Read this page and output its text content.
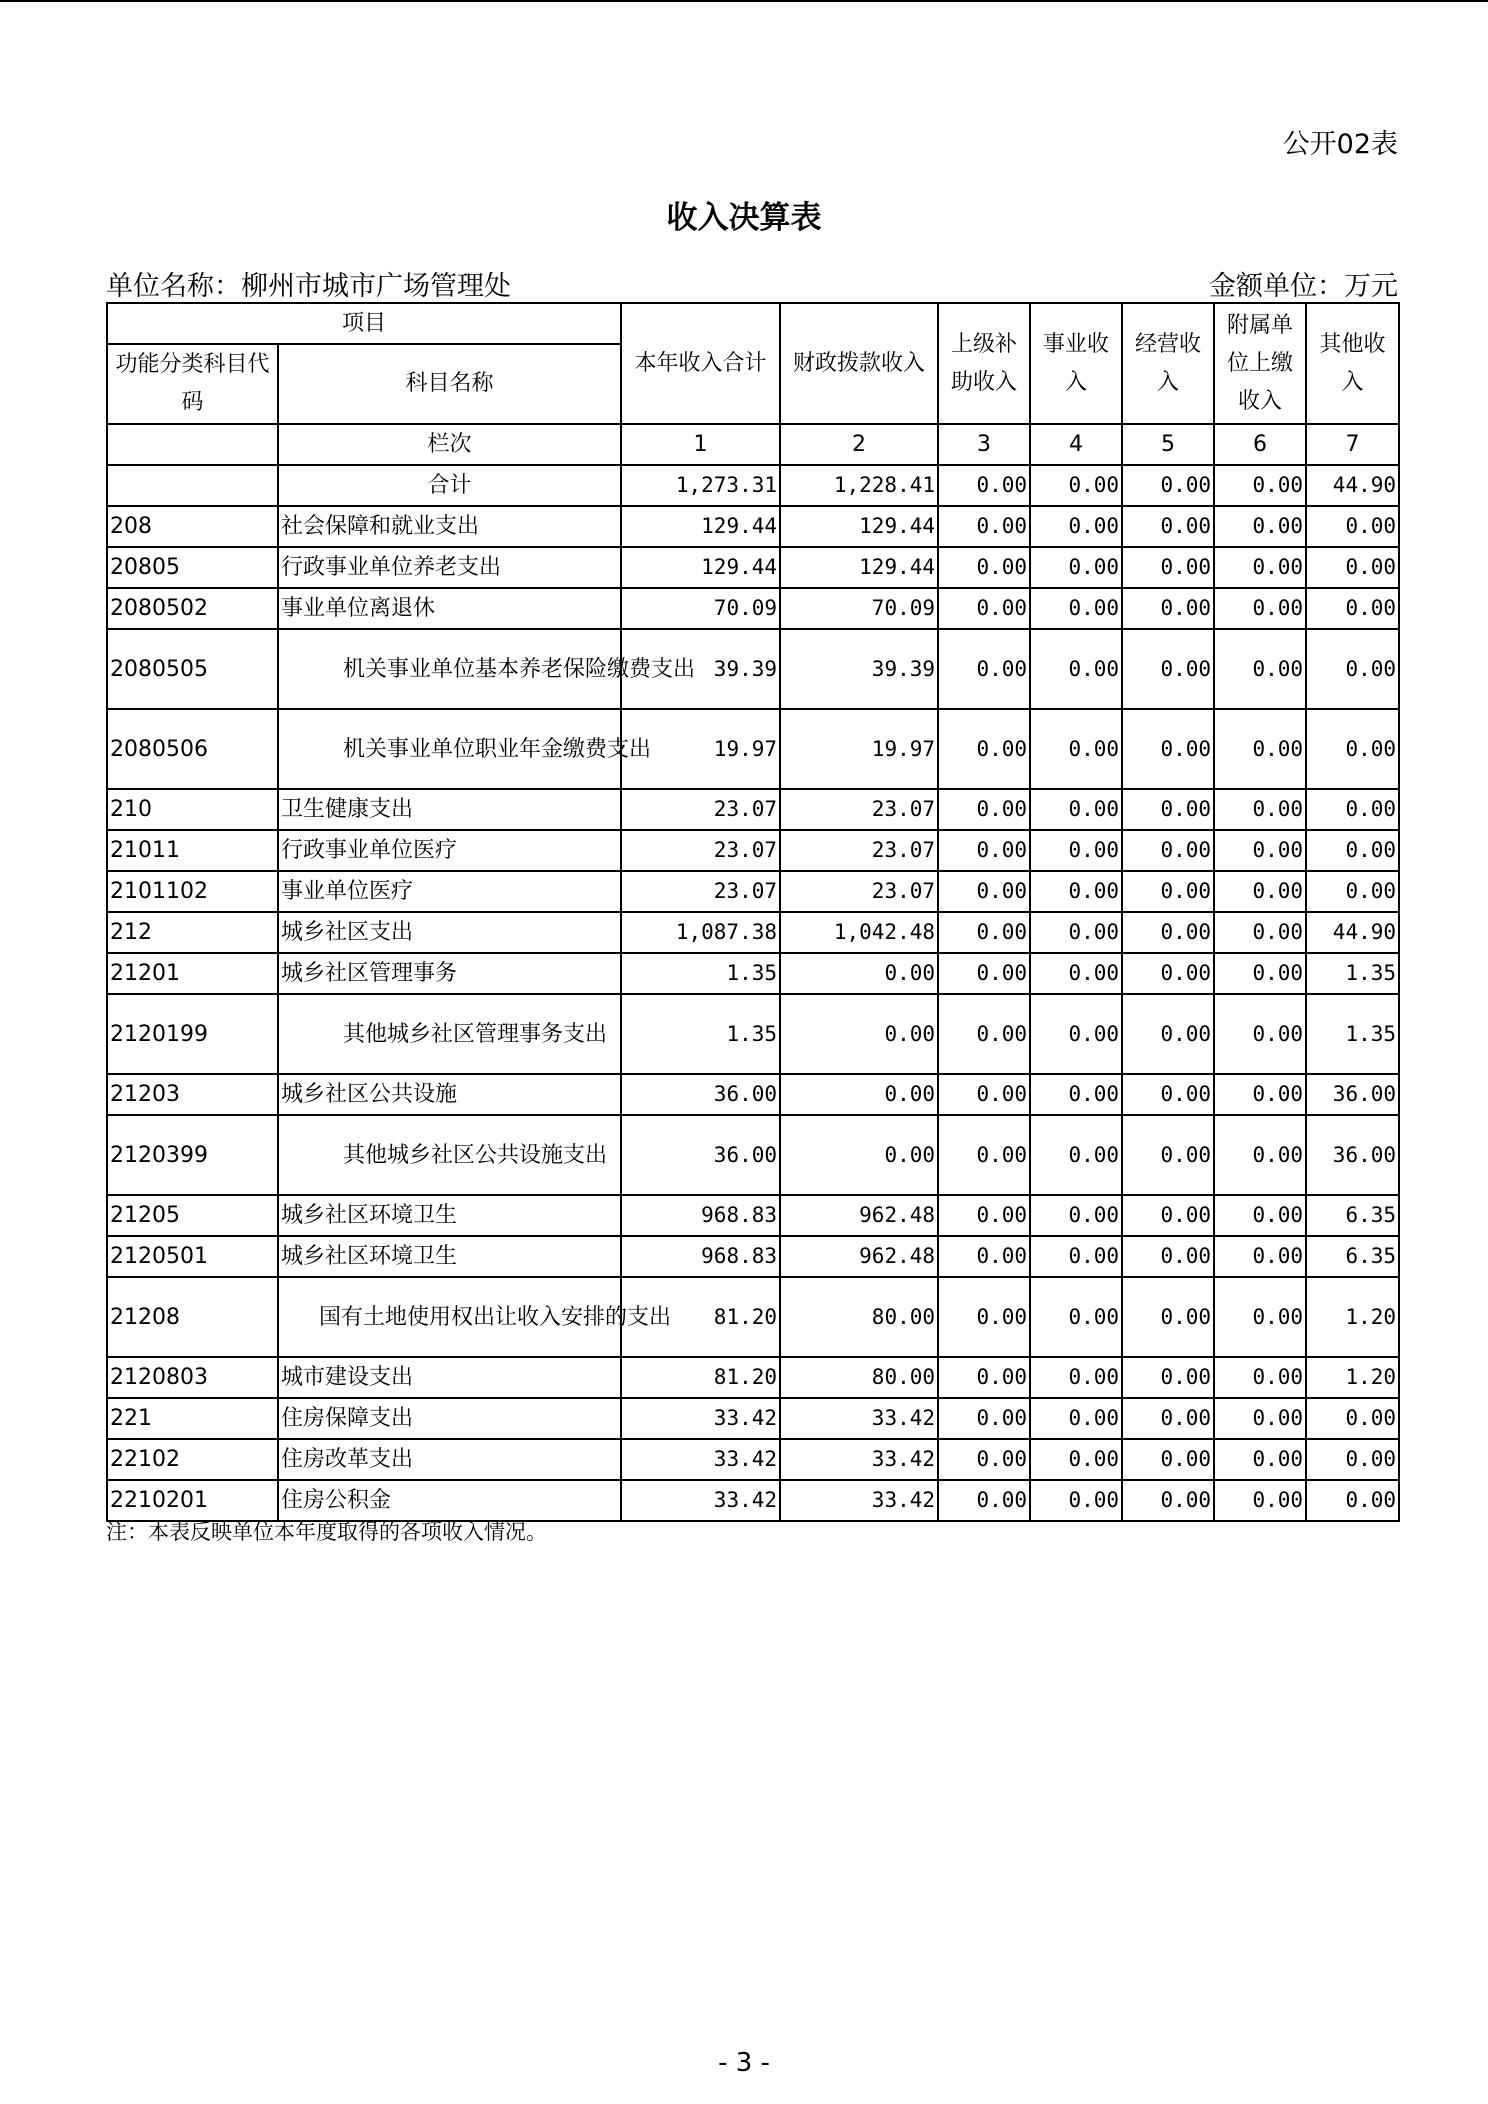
公开02表
收入决算表
单位名称：柳州市城市广场管理处	金额单位：万元
项目		本年收入合计	财政拨款收入	上级补助收入	事业收入	经营收入	附属单位上缴收入	其他收入
功能分类科目代码	科目名称							
	栏次	1	2	3	4	5	6	7
	合计	1,273.31	1,228.41	0.00	0.00	0.00	0.00	44.90
208	社会保障和就业支出	129.44	129.44	0.00	0.00	0.00	0.00	0.00
20805	行政事业单位养老支出	129.44	129.44	0.00	0.00	0.00	0.00	0.00
2080502	事业单位离退休	70.09	70.09	0.00	0.00	0.00	0.00	0.00
2080505	机关事业单位基本养老保险缴费支出	39.39	39.39	0.00	0.00	0.00	0.00	0.00
2080506	机关事业单位职业年金缴费支出	19.97	19.97	0.00	0.00	0.00	0.00	0.00
210	卫生健康支出	23.07	23.07	0.00	0.00	0.00	0.00	0.00
21011	行政事业单位医疗	23.07	23.07	0.00	0.00	0.00	0.00	0.00
2101102	事业单位医疗	23.07	23.07	0.00	0.00	0.00	0.00	0.00
212	城乡社区支出	1,087.38	1,042.48	0.00	0.00	0.00	0.00	44.90
21201	城乡社区管理事务	1.35	0.00	0.00	0.00	0.00	0.00	1.35
2120199	其他城乡社区管理事务支出	1.35	0.00	0.00	0.00	0.00	0.00	1.35
21203	城乡社区公共设施	36.00	0.00	0.00	0.00	0.00	0.00	36.00
2120399	其他城乡社区公共设施支出	36.00	0.00	0.00	0.00	0.00	0.00	36.00
21205	城乡社区环境卫生	968.83	962.48	0.00	0.00	0.00	0.00	6.35
2120501	城乡社区环境卫生	968.83	962.48	0.00	0.00	0.00	0.00	6.35
21208	国有土地使用权出让收入安排的支出	81.20	80.00	0.00	0.00	0.00	0.00	1.20
2120803	城市建设支出	81.20	80.00	0.00	0.00	0.00	0.00	1.20
221	住房保障支出	33.42	33.42	0.00	0.00	0.00	0.00	0.00
22102	住房改革支出	33.42	33.42	0.00	0.00	0.00	0.00	0.00
2210201	住房公积金	33.42	33.42	0.00	0.00	0.00	0.00	0.00
注：本表反映单位本年度取得的各项收入情况。
- 3 -
